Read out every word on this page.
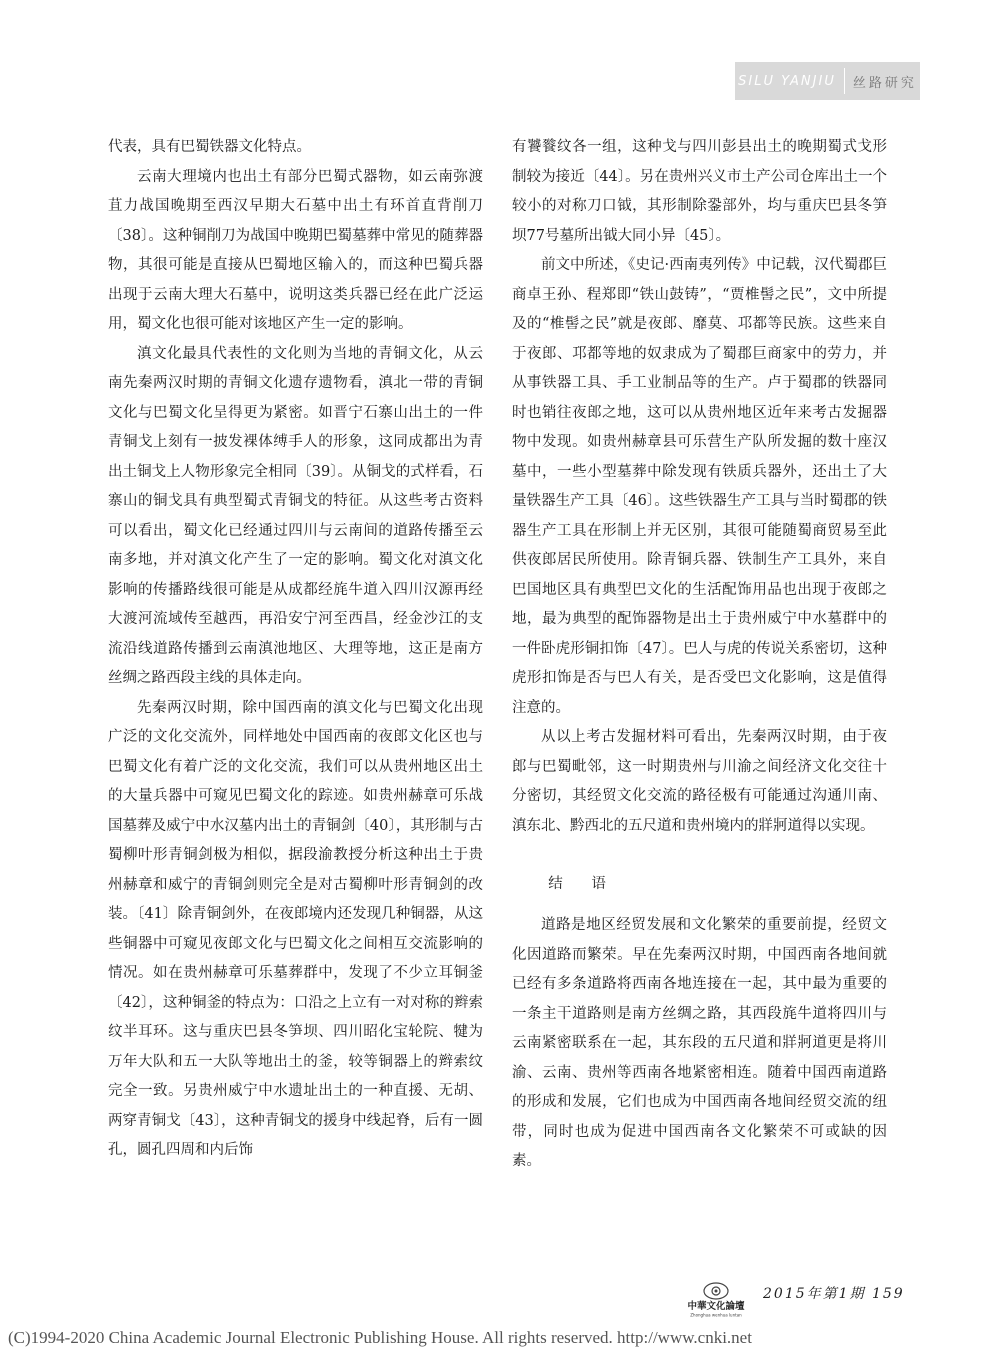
SILU YANJIU 丝路研究

代表，具有巴蜀铁器文化特点。

云南大理境内也出土有部分巴蜀式器物，如云南弥渡苴力战国晚期至西汉早期大石墓中出土有环首直背削刀〔38〕。这种铜削刀为战国中晚期巴蜀墓葬中常见的随葬器物，其很可能是直接从巴蜀地区输入的，而这种巴蜀兵器出现于云南大理大石墓中，说明这类兵器已经在此广泛运用，蜀文化也很可能对该地区产生一定的影响。

滇文化最具代表性的文化则为当地的青铜文化，从云南先秦两汉时期的青铜文化遗存遗物看，滇北一带的青铜文化与巴蜀文化呈得更为紧密。如晋宁石寨山出土的一件青铜戈上刻有一披发裸体缚手人的形象，这同成都出为青出土铜戈上人物形象完全相同〔39〕。从铜戈的式样看，石寨山的铜戈具有典型蜀式青铜戈的特征。从这些考古资料可以看出，蜀文化已经通过四川与云南间的道路传播至云南多地，并对滇文化产生了一定的影响。蜀文化对滇文化影响的传播路线很可能是从成都经旄牛道入四川汉源再经大渡河流域传至越西，再沿安宁河至西昌，经金沙江的支流沿线道路传播到云南滇池地区、大理等地，这正是南方丝绸之路西段主线的具体走向。

先秦两汉时期，除中国西南的滇文化与巴蜀文化出现广泛的文化交流外，同样地处中国西南的夜郎文化区也与巴蜀文化有着广泛的文化交流，我们可以从贵州地区出土的大量兵器中可窥见巴蜀文化的踪迹。如贵州赫章可乐战国墓葬及威宁中水汉墓内出土的青铜剑〔40〕，其形制与古蜀柳叶形青铜剑极为相似，据段渝教授分析这种出土于贵州赫章和威宁的青铜剑则完全是对古蜀柳叶形青铜剑的改装。〔41〕除青铜剑外，在夜郎境内还发现几种铜器，从这些铜器中可窥见夜郎文化与巴蜀文化之间相互交流影响的情况。如在贵州赫章可乐墓葬群中，发现了不少立耳铜釜〔42〕，这种铜釜的特点为：口沿之上立有一对对称的辫索纹半耳环。这与重庆巴县冬笋坝、四川昭化宝轮院、犍为万年大队和五一大队等地出土的釜，较等铜器上的辫索纹完全一致。另贵州威宁中水遗址出土的一种直援、无胡、两穿青铜戈〔43〕，这种青铜戈的援身中线起脊，后有一圆孔，圆孔四周和内后饰

有饕餮纹各一组，这种戈与四川彭县出土的晚期蜀式戈形制较为接近〔44〕。另在贵州兴义市土产公司仓库出土一个较小的对称刀口钺，其形制除銎部外，均与重庆巴县冬笋坝77号墓所出钺大同小异〔45〕。

前文中所述，《史记·西南夷列传》中记载，汉代蜀郡巨商卓王孙、程郑即“铁山鼓铸”，“贾椎髻之民”，文中所提及的“椎髻之民”就是夜郎、靡莫、邛都等民族。这些来自于夜郎、邛都等地的奴隶成为了蜀郡巨商家中的劳力，并从事铁器工具、手工业制品等的生产。卢于蜀郡的铁器同时也销往夜郎之地，这可以从贵州地区近年来考古发掘器物中发现。如贵州赫章县可乐营生产队所发掘的数十座汉墓中，一些小型墓葬中除发现有铁质兵器外，还出土了大量铁器生产工具〔46〕。这些铁器生产工具与当时蜀郡的铁器生产工具在形制上并无区别，其很可能随蜀商贸易至此供夜郎居民所使用。除青铜兵器、铁制生产工具外，来自巴国地区具有典型巴文化的生活配饰用品也出现于夜郎之地，最为典型的配饰器物是出土于贵州威宁中水墓群中的一件卧虎形铜扣饰〔47〕。巴人与虎的传说关系密切，这种虎形扣饰是否与巴人有关，是否受巴文化影响，这是值得注意的。

从以上考古发掘材料可看出，先秦两汉时期，由于夜郎与巴蜀毗邻，这一时期贵州与川渝之间经济文化交往十分密切，其经贸文化交流的路径极有可能通过沟通川南、滇东北、黔西北的五尺道和贵州境内的牂牁道得以实现。

结 语

道路是地区经贸发展和文化繁荣的重要前提，经贸文化因道路而繁荣。早在先秦两汉时期，中国西南各地间就已经有多条道路将西南各地连接在一起，其中最为重要的一条主干道路则是南方丝绸之路，其西段旄牛道将四川与云南紧密联系在一起，其东段的五尺道和牂牁道更是将川渝、云南、贵州等西南各地紧密相连。随着中国西南道路的形成和发展，它们也成为中国西南各地间经贸交流的纽带，同时也成为促进中国西南各文化繁荣不可或缺的因素。

中華文化論壇
Zhonghua wenhua luntan
2015年第1期 159
(C)1994-2020 China Academic Journal Electronic Publishing House. All rights reserved. http://www.cnki.net
